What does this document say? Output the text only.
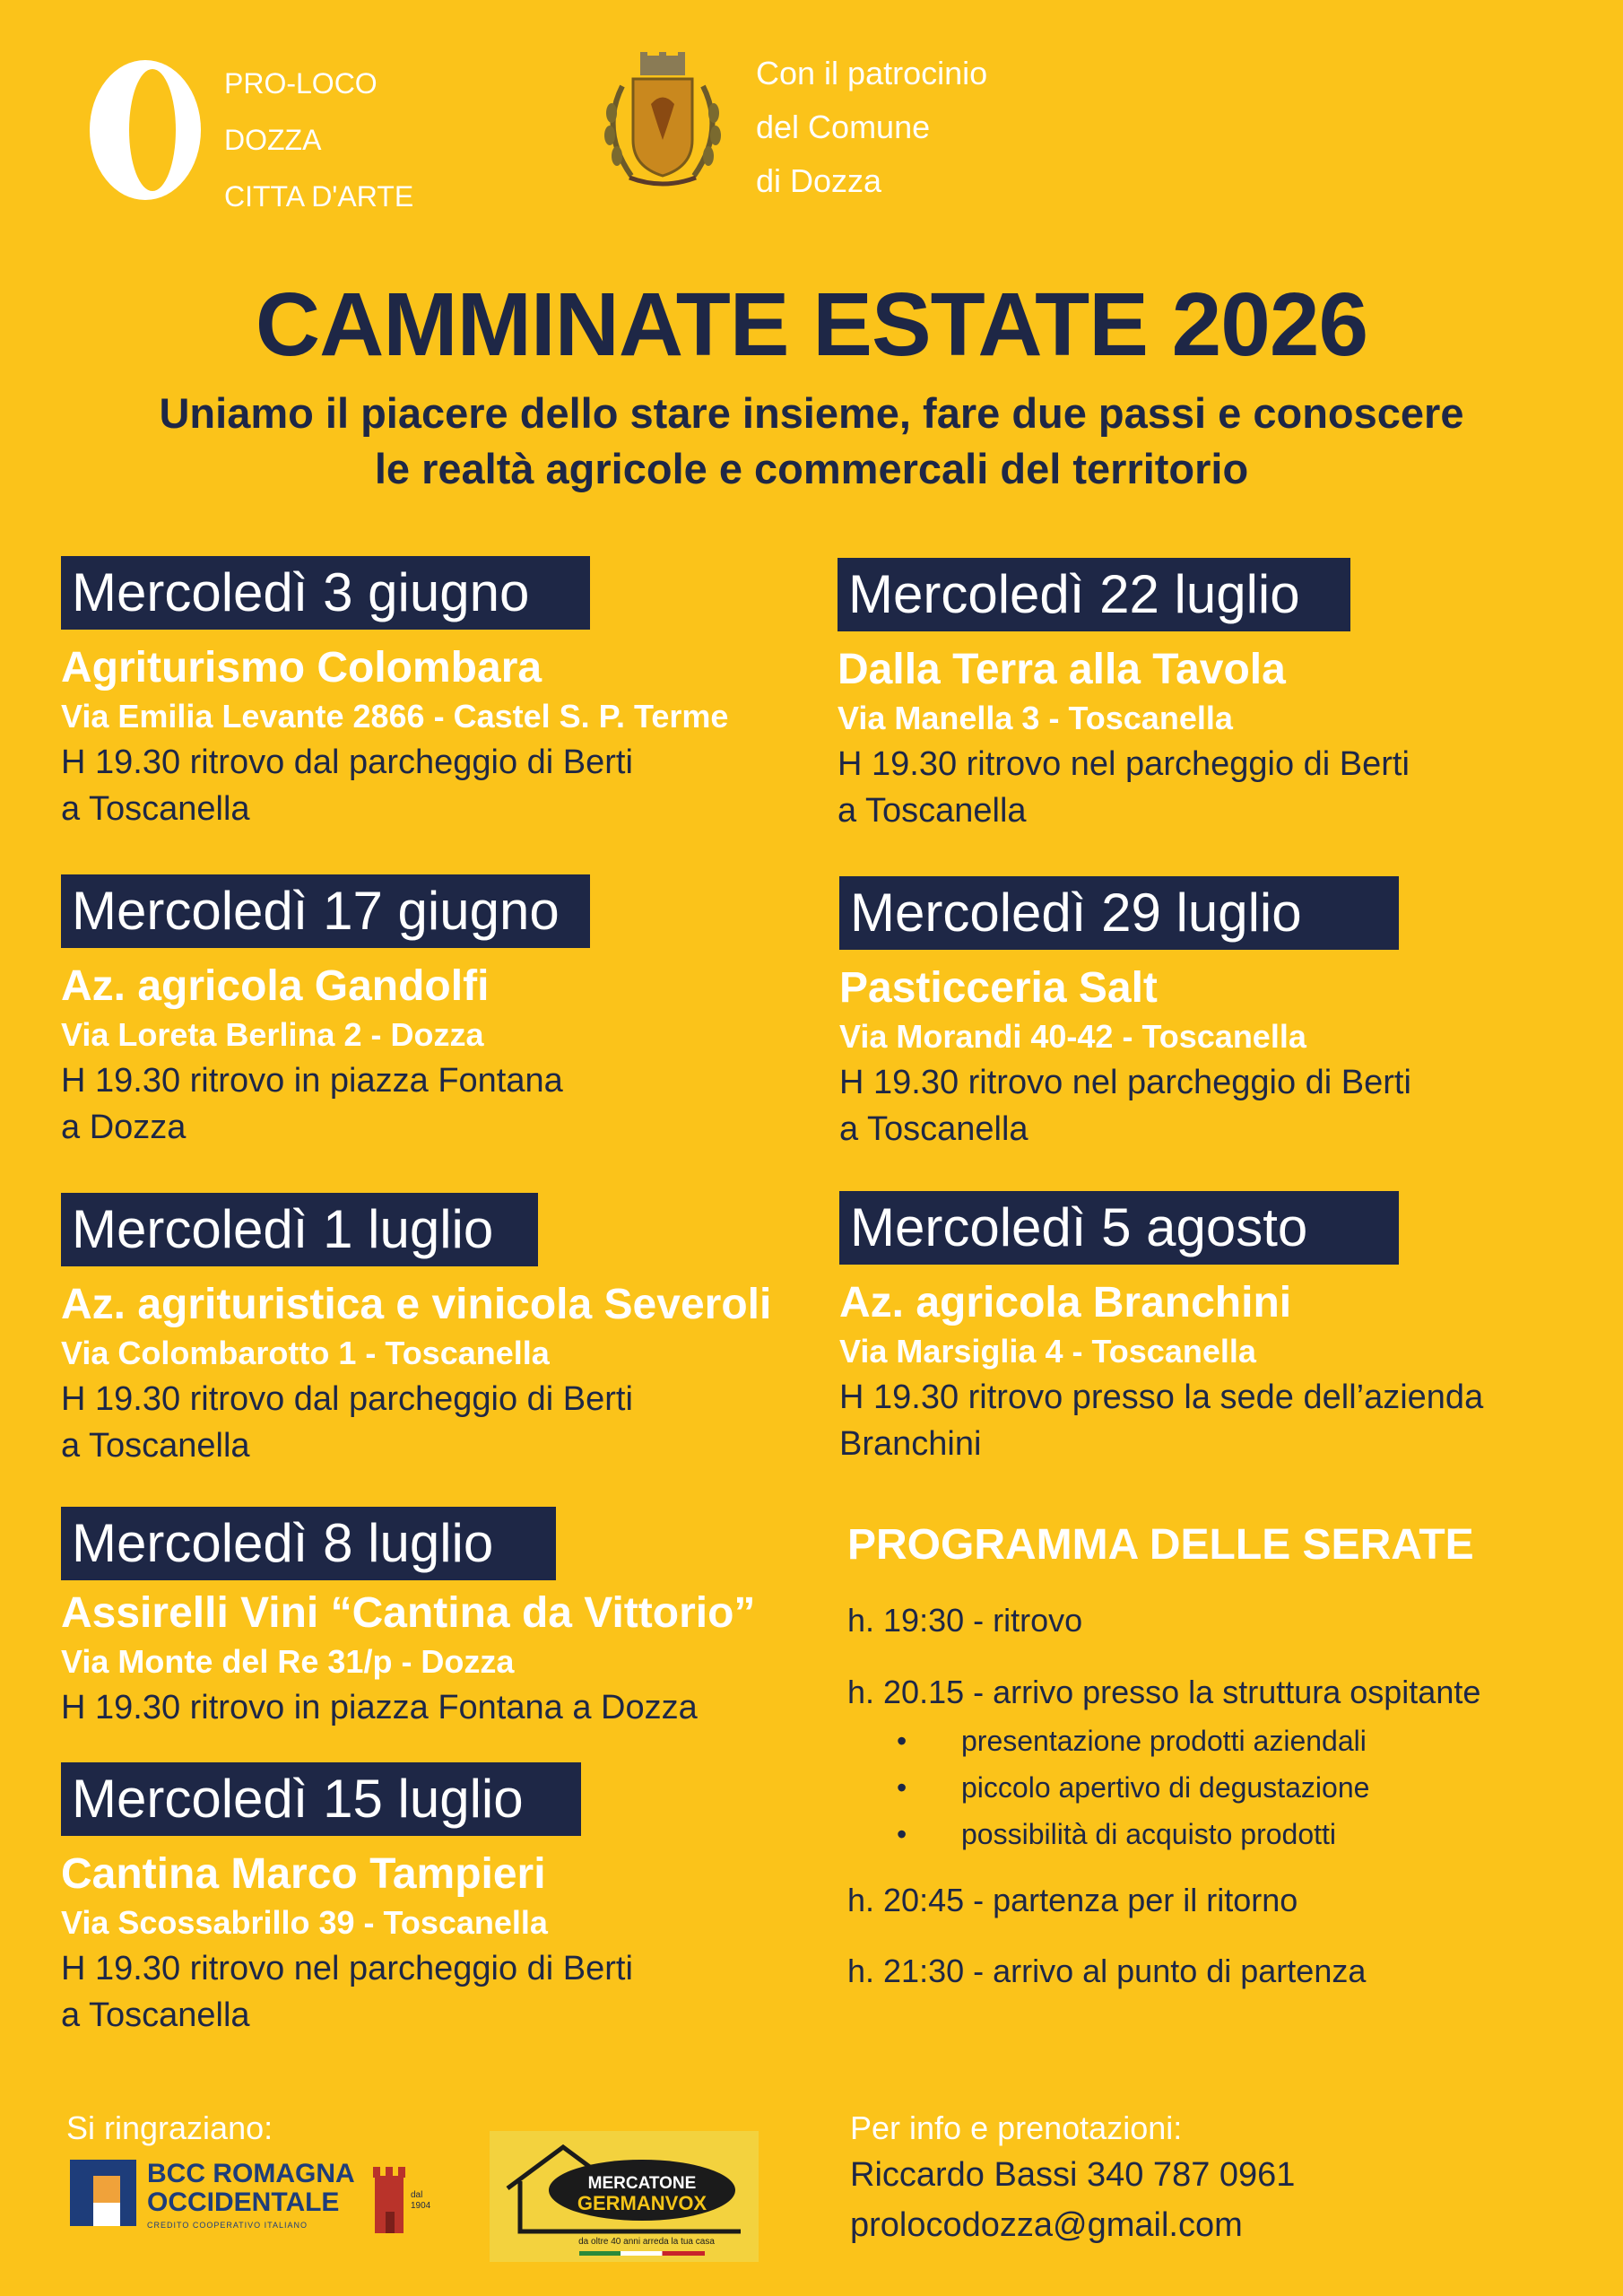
PRO-LOCO
DOZZA
CITTA D'ARTE
Con il patrocinio
del Comune
di Dozza
CAMMINATE ESTATE 2026
Uniamo il piacere dello stare insieme, fare due passi e conoscere
le realtà agricole e commercali del territorio
Mercoledì 3 giugno
Agriturismo Colombara
Via Emilia Levante 2866 - Castel S. P. Terme
H 19.30 ritrovo dal parcheggio di Berti
a Toscanella
Mercoledì 17 giugno
Az. agricola Gandolfi
Via Loreta Berlina 2 - Dozza
H 19.30 ritrovo in piazza Fontana
a Dozza
Mercoledì 1 luglio
Az. agrituristica e vinicola Severoli
Via Colombarotto 1 - Toscanella
H 19.30 ritrovo dal parcheggio di Berti
a Toscanella
Mercoledì 8 luglio
Assirelli Vini “Cantina da Vittorio”
Via Monte del Re 31/p - Dozza
H 19.30 ritrovo in piazza Fontana a Dozza
Mercoledì 15 luglio
Cantina Marco Tampieri
Via Scossabrillo 39 - Toscanella
H 19.30 ritrovo nel parcheggio di Berti
a Toscanella
Mercoledì 22 luglio
Dalla Terra alla Tavola
Via Manella 3 - Toscanella
H 19.30 ritrovo nel parcheggio di Berti
a Toscanella
Mercoledì 29 luglio
Pasticceria Salt
Via Morandi 40-42 - Toscanella
H 19.30 ritrovo nel parcheggio di Berti
a Toscanella
Mercoledì 5 agosto
Az. agricola Branchini
Via Marsiglia 4 - Toscanella
H 19.30 ritrovo presso la sede dell’azienda
Branchini
PROGRAMMA DELLE SERATE
h. 19:30 - ritrovo
h. 20.15 - arrivo presso la struttura ospitante
• presentazione prodotti aziendali
• piccolo apertivo di degustazione
• possibilità di acquisto prodotti
h. 20:45 - partenza per il ritorno
h. 21:30 - arrivo al punto di partenza
Si ringraziano:
BCC ROMAGNA
OCCIDENTALE
CREDITO COOPERATIVO ITALIANO
dal
1904
MERCATONE
GERMANVOX
da oltre 40 anni arreda la tua casa
Per info e prenotazioni:
Riccardo Bassi 340 787 0961
prolocodozza@gmail.com
